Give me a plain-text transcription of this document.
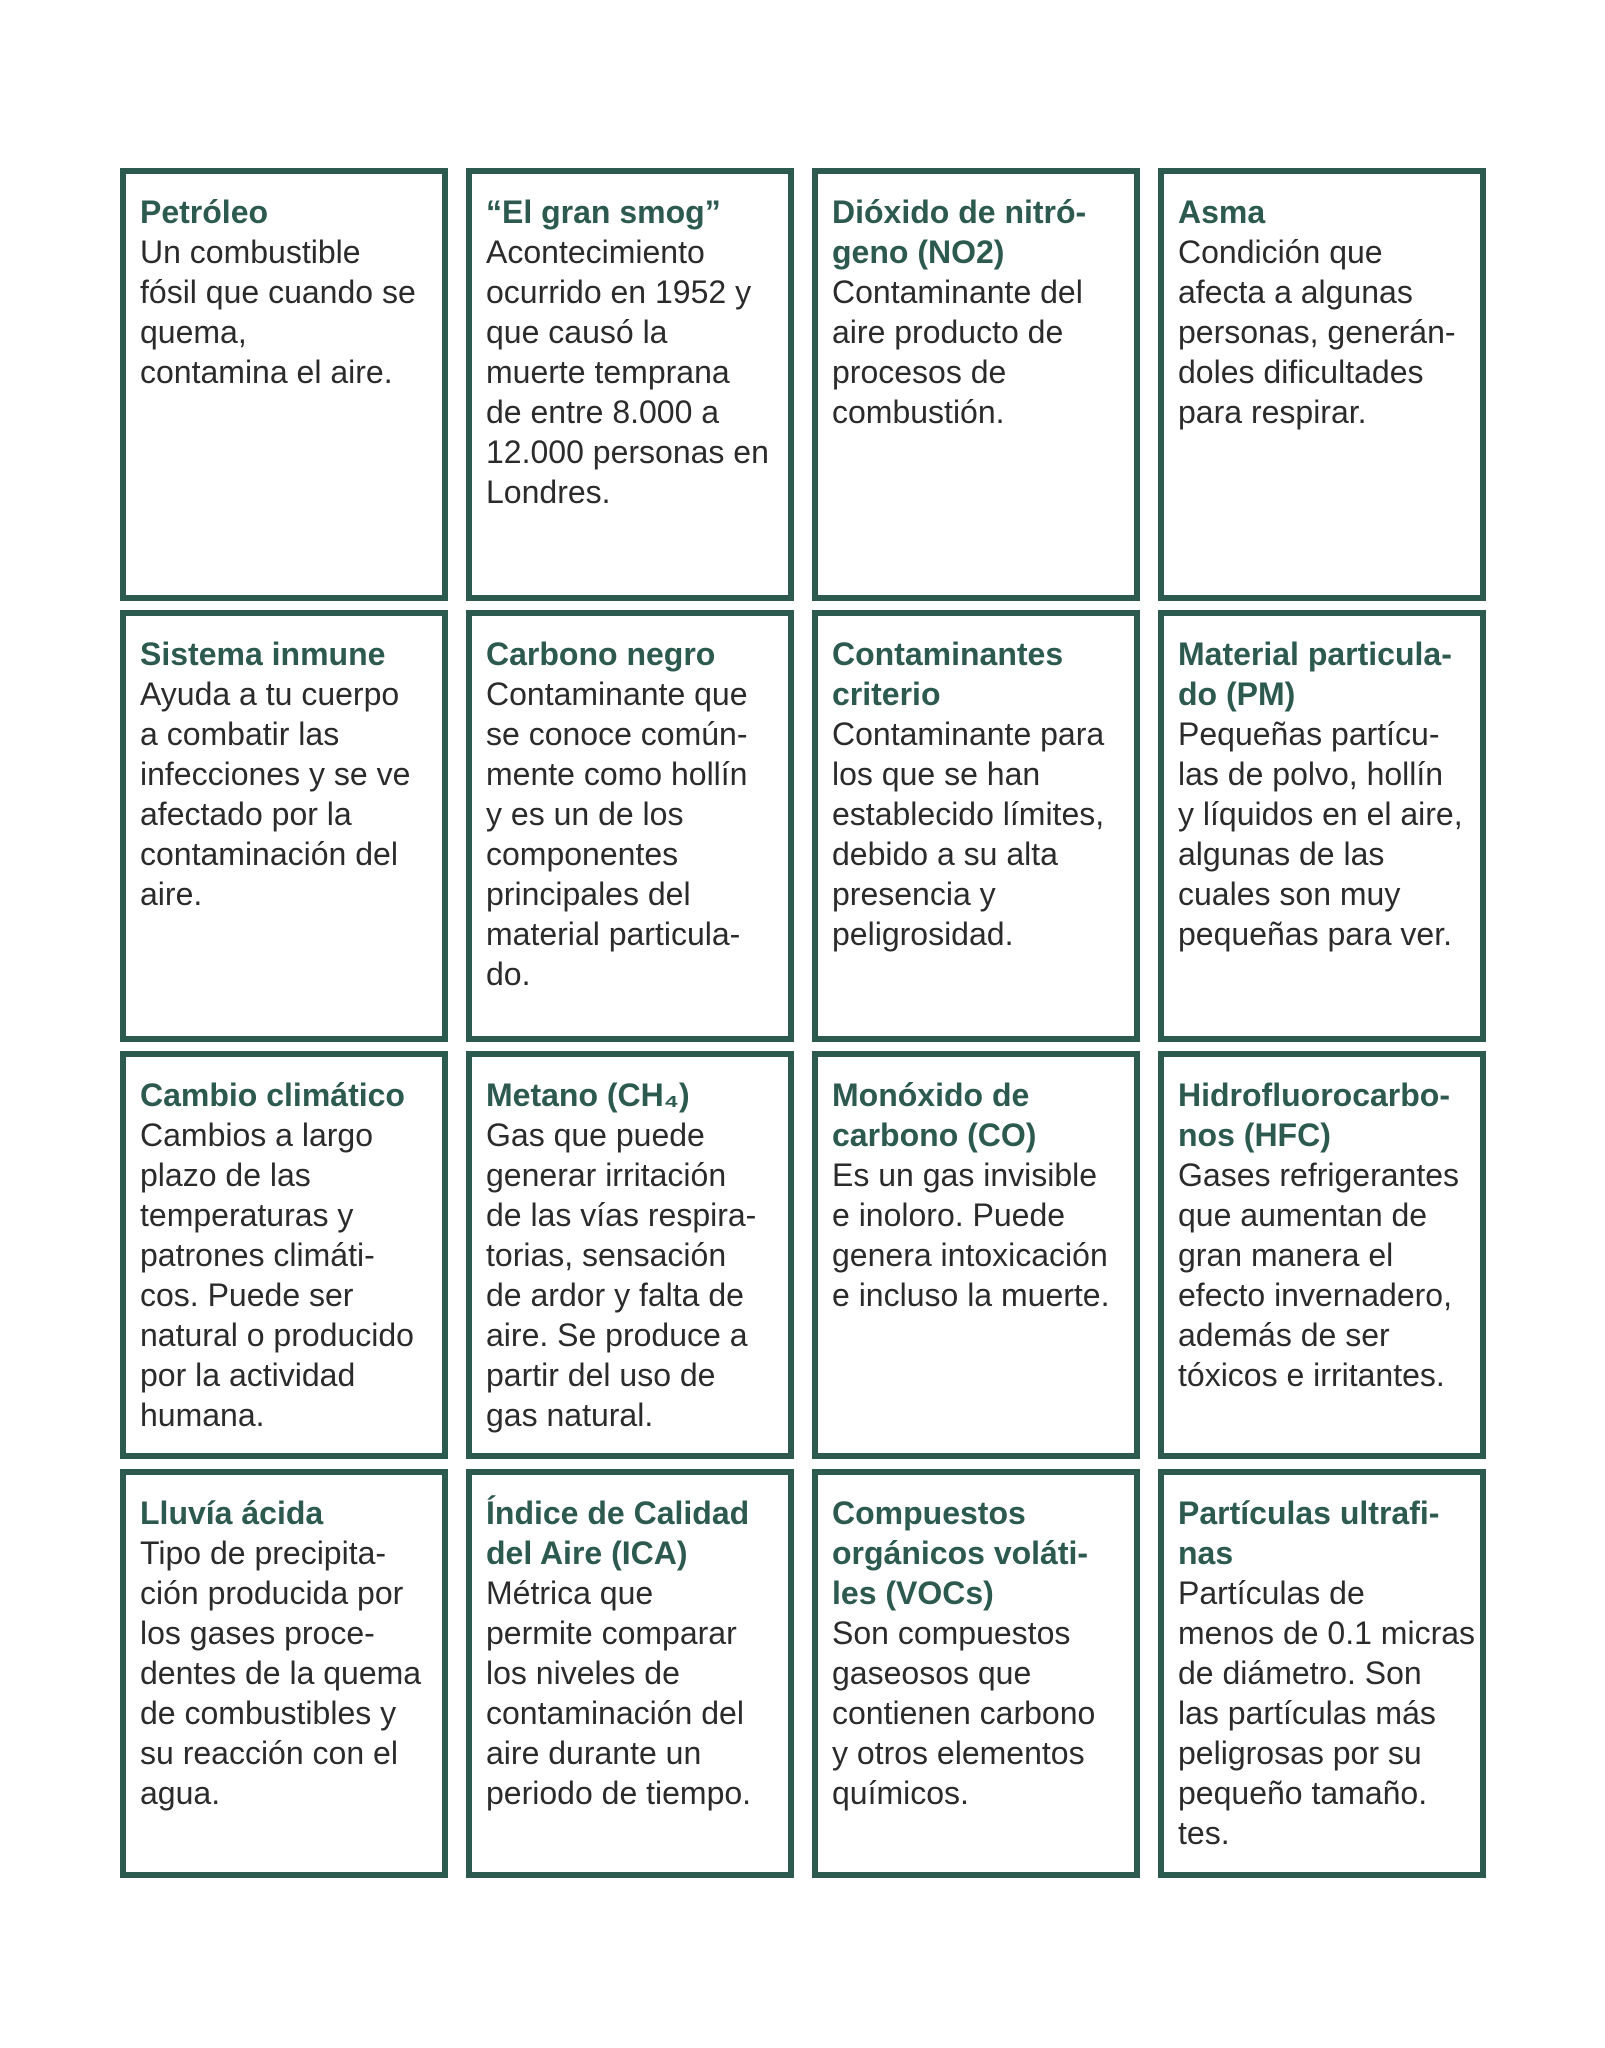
Petróleo
Un combustible
fósil que cuando se
quema,
contamina el aire.
“El gran smog”
Acontecimiento
ocurrido en 1952 y
que causó la
muerte temprana
de entre 8.000 a
12.000 personas en
Londres.
Dióxido de nitró-
geno (NO2)
Contaminante del
aire producto de
procesos de
combustión.
Asma
Condición que
afecta a algunas
personas, generán-
doles dificultades
para respirar.
Sistema inmune
Ayuda a tu cuerpo
a combatir las
infecciones y se ve
afectado por la
contaminación del
aire.
Carbono negro
Contaminante que
se conoce común-
mente como hollín
y es un de los
componentes
principales del
material particula-
do.
Contaminantes
criterio
Contaminante para
los que se han
establecido límites,
debido a su alta
presencia y
peligrosidad.
Material particula-
do (PM)
Pequeñas partícu-
las de polvo, hollín
y líquidos en el aire,
algunas de las
cuales son muy
pequeñas para ver.
Cambio climático
Cambios a largo
plazo de las
temperaturas y
patrones climáti-
cos. Puede ser
natural o producido
por la actividad
humana.
Metano (CH₄)
Gas que puede
generar irritación
de las vías respira-
torias, sensación
de ardor y falta de
aire. Se produce a
partir del uso de
gas natural.
Monóxido de
carbono (CO)
Es un gas invisible
e inoloro. Puede
genera intoxicación
e incluso la muerte.
Hidrofluorocarbo-
nos (HFC)
Gases refrigerantes
que aumentan de
gran manera el
efecto invernadero,
además de ser
tóxicos e irritantes.
Lluvía ácida
Tipo de precipita-
ción producida por
los gases proce-
dentes de la quema
de combustibles y
su reacción con el
agua.
Índice de Calidad
del Aire (ICA)
Métrica que
permite comparar
los niveles de
contaminación del
aire durante un
periodo de tiempo.
Compuestos
orgánicos voláti-
les (VOCs)
Son compuestos
gaseosos que
contienen carbono
y otros elementos
químicos.
Partículas ultrafi-
nas
Partículas de
menos de 0.1 micras
de diámetro. Son
las partículas más
peligrosas por su
pequeño tamaño.
tes.
